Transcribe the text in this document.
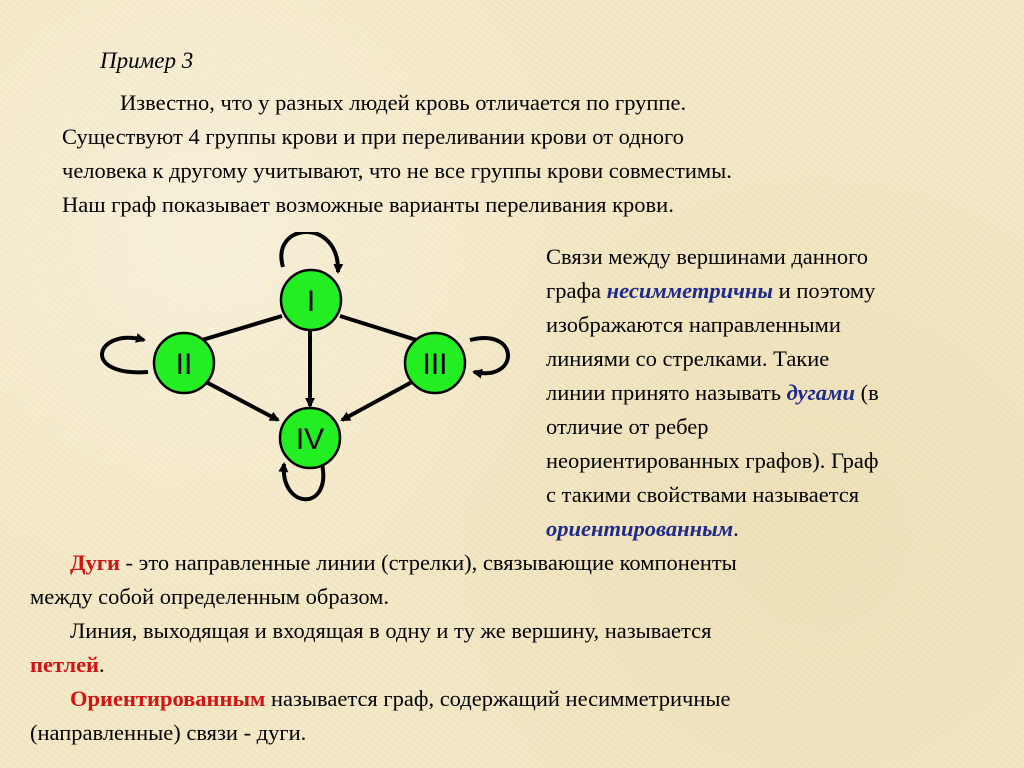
Пример 3
Известно, что у разных людей кровь отличается по группе.
Существуют 4 группы крови и при переливании крови от одного
человека к другому учитывают, что не все группы крови совместимы.
Наш граф показывает возможные варианты переливания крови.
I
II	III
IV
Связи между вершинами данного
графа несимметричны и поэтому
изображаются направленными
линиями со стрелками. Такие
линии принято называть дугами (в
отличие от ребер
неориентированных графов). Граф
с такими свойствами называется
ориентированным.
Дуги - это направленные линии (стрелки), связывающие компоненты
между собой определенным образом.
Линия, выходящая и входящая в одну и ту же вершину, называется
петлей.
Ориентированным называется граф, содержащий несимметричные
(направленные) связи - дуги.
